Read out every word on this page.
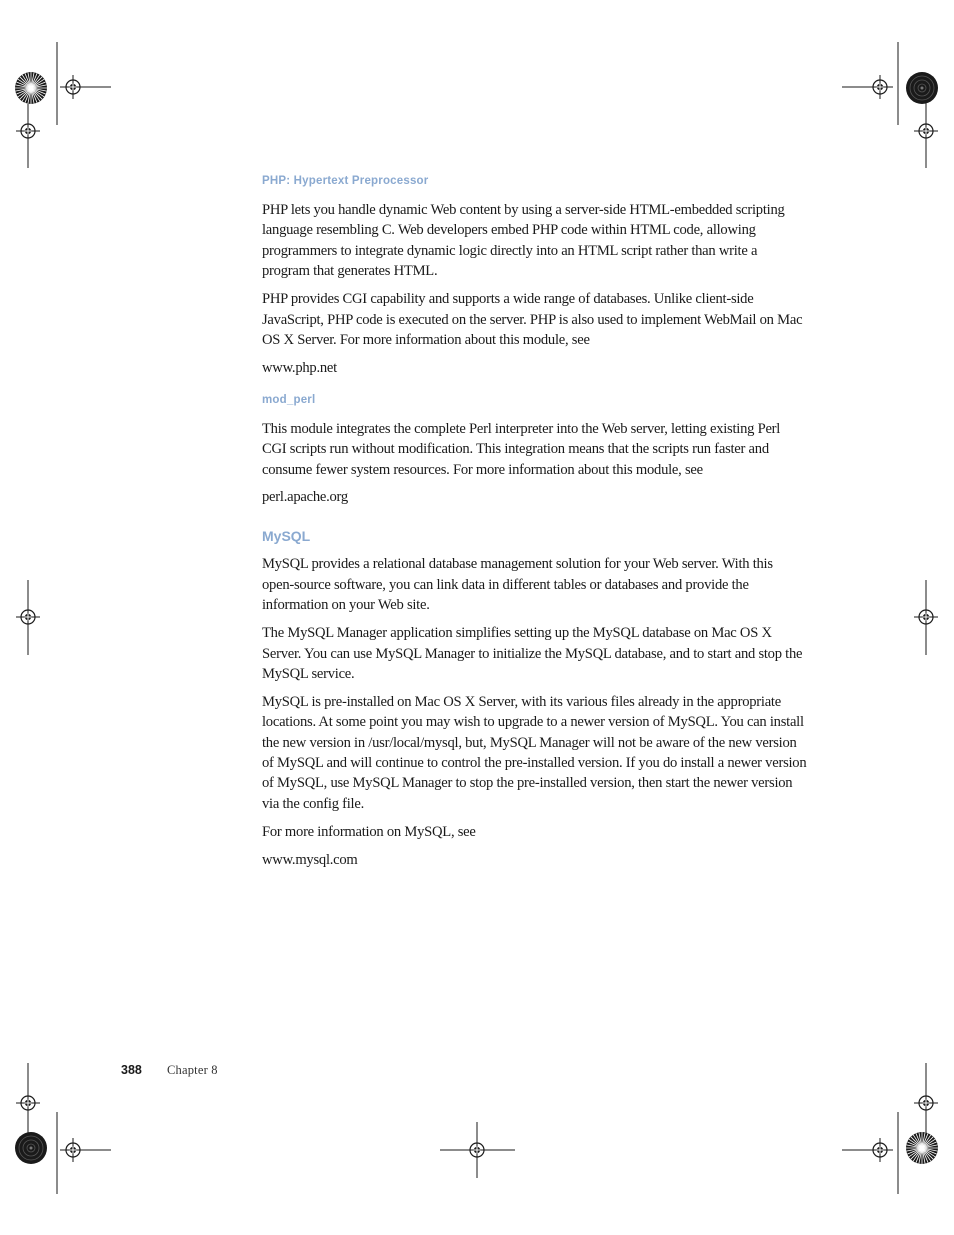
PHP: Hypertext Preprocessor

PHP lets you handle dynamic Web content by using a server-side HTML-embedded scripting language resembling C. Web developers embed PHP code within HTML code, allowing programmers to integrate dynamic logic directly into an HTML script rather than write a program that generates HTML.

PHP provides CGI capability and supports a wide range of databases. Unlike client-side JavaScript, PHP code is executed on the server. PHP is also used to implement WebMail on Mac OS X Server. For more information about this module, see

www.php.net

mod_perl

This module integrates the complete Perl interpreter into the Web server, letting existing Perl CGI scripts run without modification. This integration means that the scripts run faster and consume fewer system resources. For more information about this module, see

perl.apache.org

MySQL

MySQL provides a relational database management solution for your Web server. With this open-source software, you can link data in different tables or databases and provide the information on your Web site.

The MySQL Manager application simplifies setting up the MySQL database on Mac OS X Server. You can use MySQL Manager to initialize the MySQL database, and to start and stop the MySQL service.

MySQL is pre-installed on Mac OS X Server, with its various files already in the appropriate locations. At some point you may wish to upgrade to a newer version of MySQL. You can install the new version in /usr/local/mysql, but, MySQL Manager will not be aware of the new version of MySQL and will continue to control the pre-installed version. If you do install a newer version of MySQL, use MySQL Manager to stop the pre-installed version, then start the newer version via the config file.

For more information on MySQL, see

www.mysql.com

388	Chapter 8
